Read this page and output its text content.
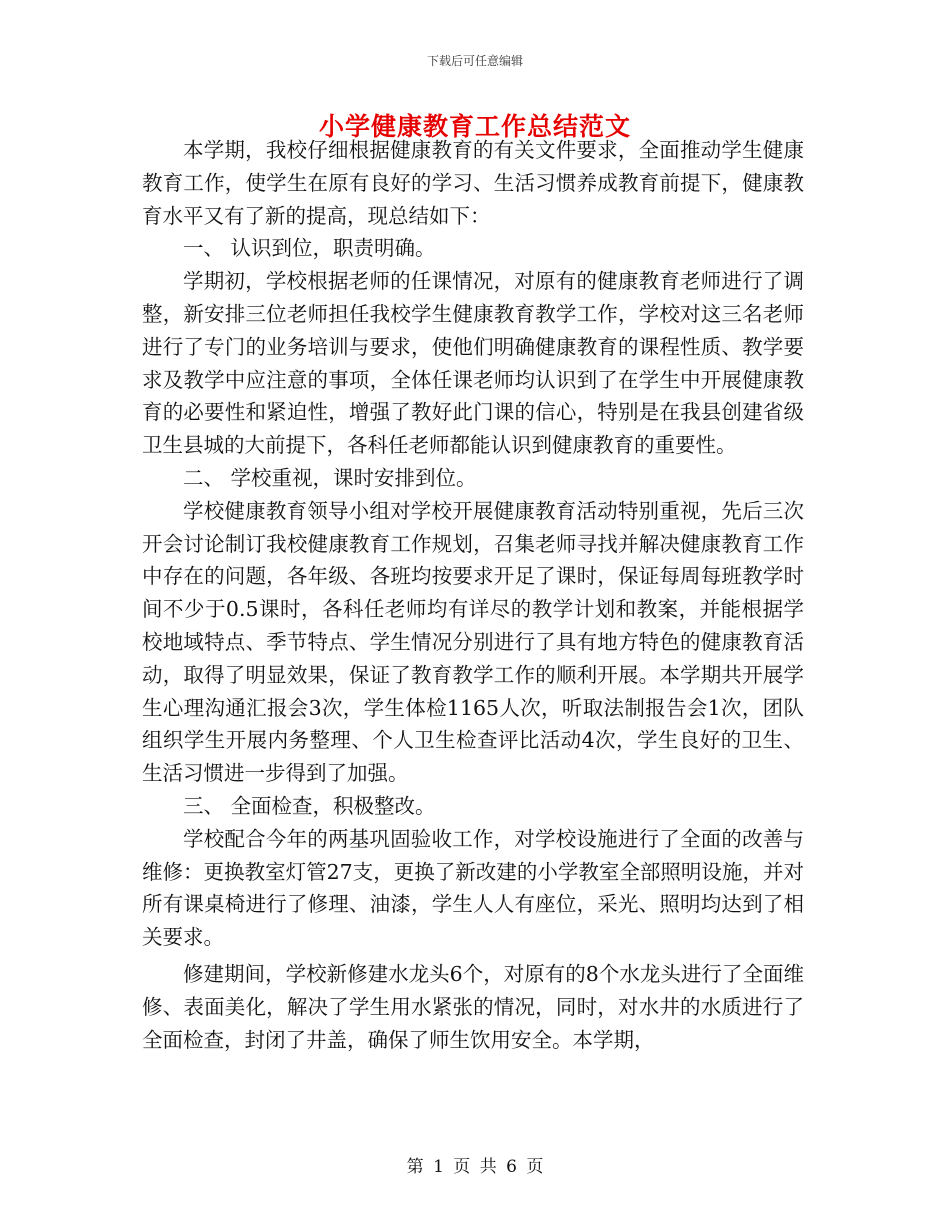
下载后可任意编辑
小学健康教育工作总结范文

本学期，我校仔细根据健康教育的有关文件要求，全面推动学生健康教育工作，使学生在原有良好的学习、生活习惯养成教育前提下，健康教育水平又有了新的提高，现总结如下：

一、 认识到位，职责明确。

学期初，学校根据老师的任课情况，对原有的健康教育老师进行了调整，新安排三位老师担任我校学生健康教育教学工作，学校对这三名老师进行了专门的业务培训与要求，使他们明确健康教育的课程性质、教学要求及教学中应注意的事项，全体任课老师均认识到了在学生中开展健康教育的必要性和紧迫性，增强了教好此门课的信心，特别是在我县创建省级卫生县城的大前提下，各科任老师都能认识到健康教育的重要性。

二、 学校重视，课时安排到位。

学校健康教育领导小组对学校开展健康教育活动特别重视，先后三次开会讨论制订我校健康教育工作规划，召集老师寻找并解决健康教育工作中存在的问题，各年级、各班均按要求开足了课时，保证每周每班教学时间不少于0.5课时，各科任老师均有详尽的教学计划和教案，并能根据学校地域特点、季节特点、学生情况分别进行了具有地方特色的健康教育活动，取得了明显效果，保证了教育教学工作的顺利开展。本学期共开展学生心理沟通汇报会3次，学生体检1165人次，听取法制报告会1次，团队组织学生开展内务整理、个人卫生检查评比活动4次，学生良好的卫生、生活习惯进一步得到了加强。

三、 全面检查，积极整改。

学校配合今年的两基巩固验收工作，对学校设施进行了全面的改善与维修：更换教室灯管27支，更换了新改建的小学教室全部照明设施，并对所有课桌椅进行了修理、油漆，学生人人有座位，采光、照明均达到了相关要求。

修建期间，学校新修建水龙头6个，对原有的8个水龙头进行了全面维修、表面美化，解决了学生用水紧张的情况，同时，对水井的水质进行了全面检查，封闭了井盖，确保了师生饮用安全。本学期，

第 1 页 共 6 页
